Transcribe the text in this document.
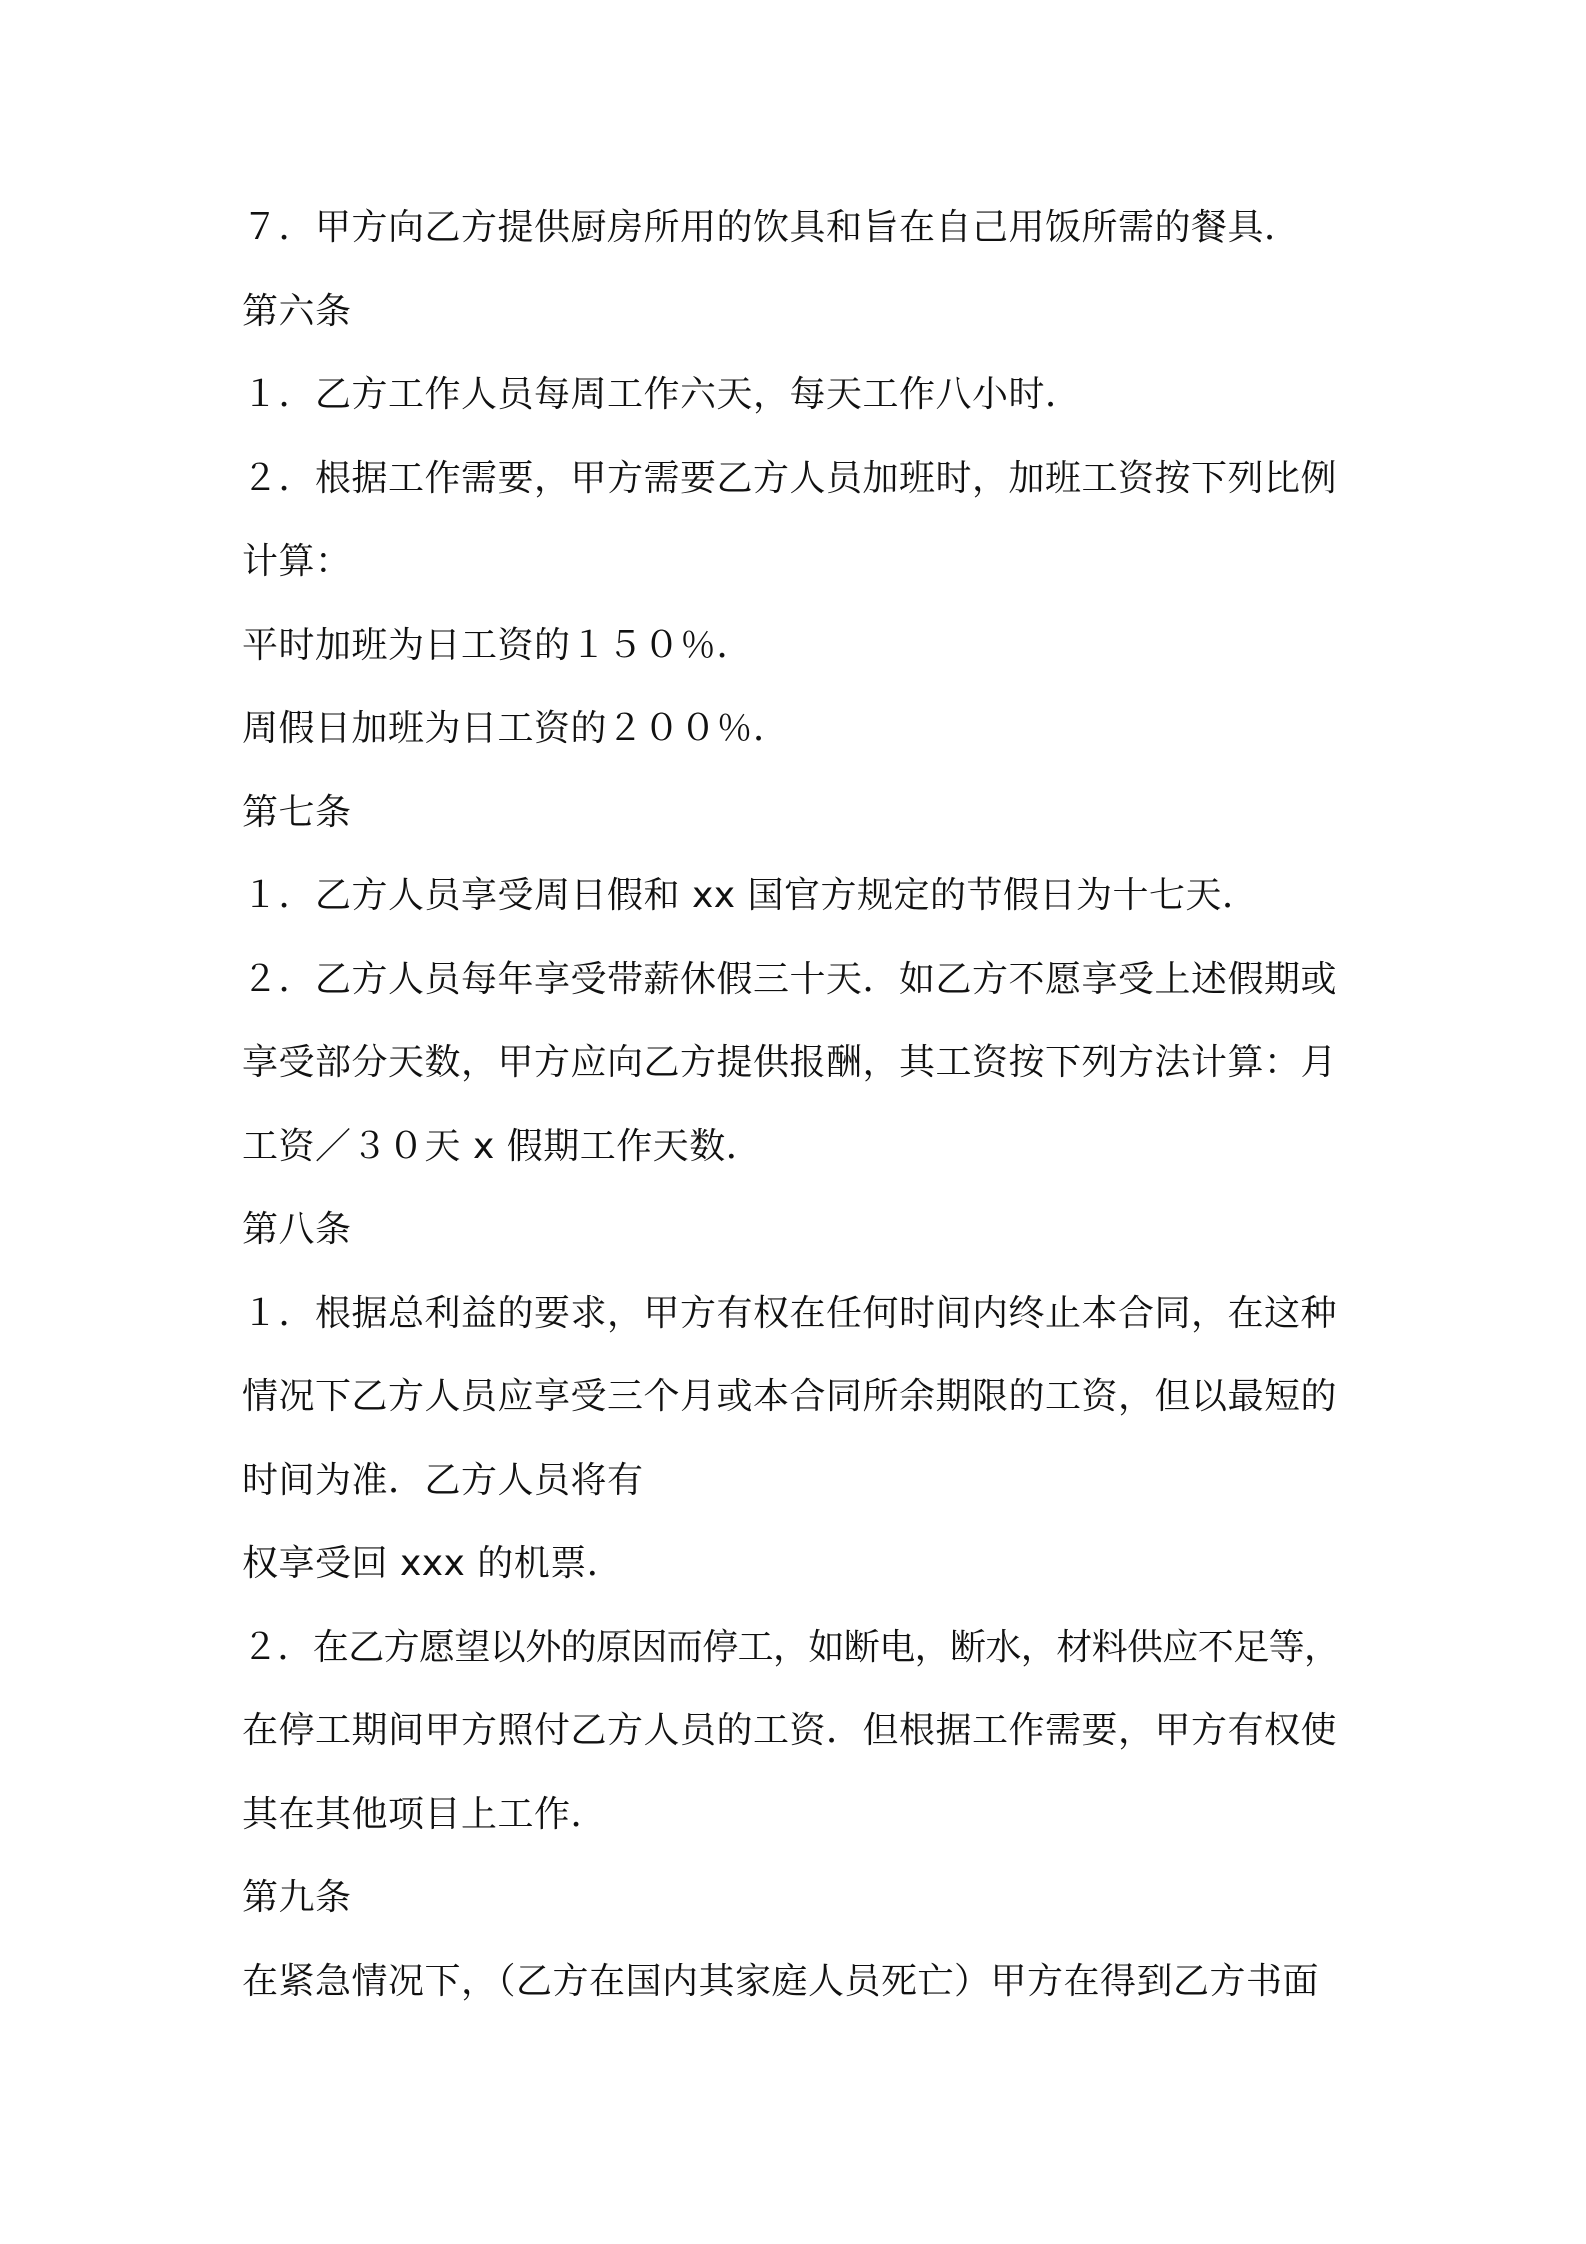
７．甲方向乙方提供厨房所用的饮具和旨在自己用饭所需的餐具．
第六条
１．乙方工作人员每周工作六天，每天工作八小时．
２．根据工作需要，甲方需要乙方人员加班时，加班工资按下列比例
计算：
平时加班为日工资的１５０％．
周假日加班为日工资的２００％．
第七条
１．乙方人员享受周日假和 xx 国官方规定的节假日为十七天．
２．乙方人员每年享受带薪休假三十天．如乙方不愿享受上述假期或
享受部分天数，甲方应向乙方提供报酬，其工资按下列方法计算：月
工资／３０天 x 假期工作天数．
第八条
１．根据总利益的要求，甲方有权在任何时间内终止本合同，在这种
情况下乙方人员应享受三个月或本合同所余期限的工资，但以最短的
时间为准．乙方人员将有
权享受回 xxx 的机票．
２．在乙方愿望以外的原因而停工，如断电，断水，材料供应不足等，
在停工期间甲方照付乙方人员的工资．但根据工作需要，甲方有权使
其在其他项目上工作．
第九条
在紧急情况下，（乙方在国内其家庭人员死亡）甲方在得到乙方书面
